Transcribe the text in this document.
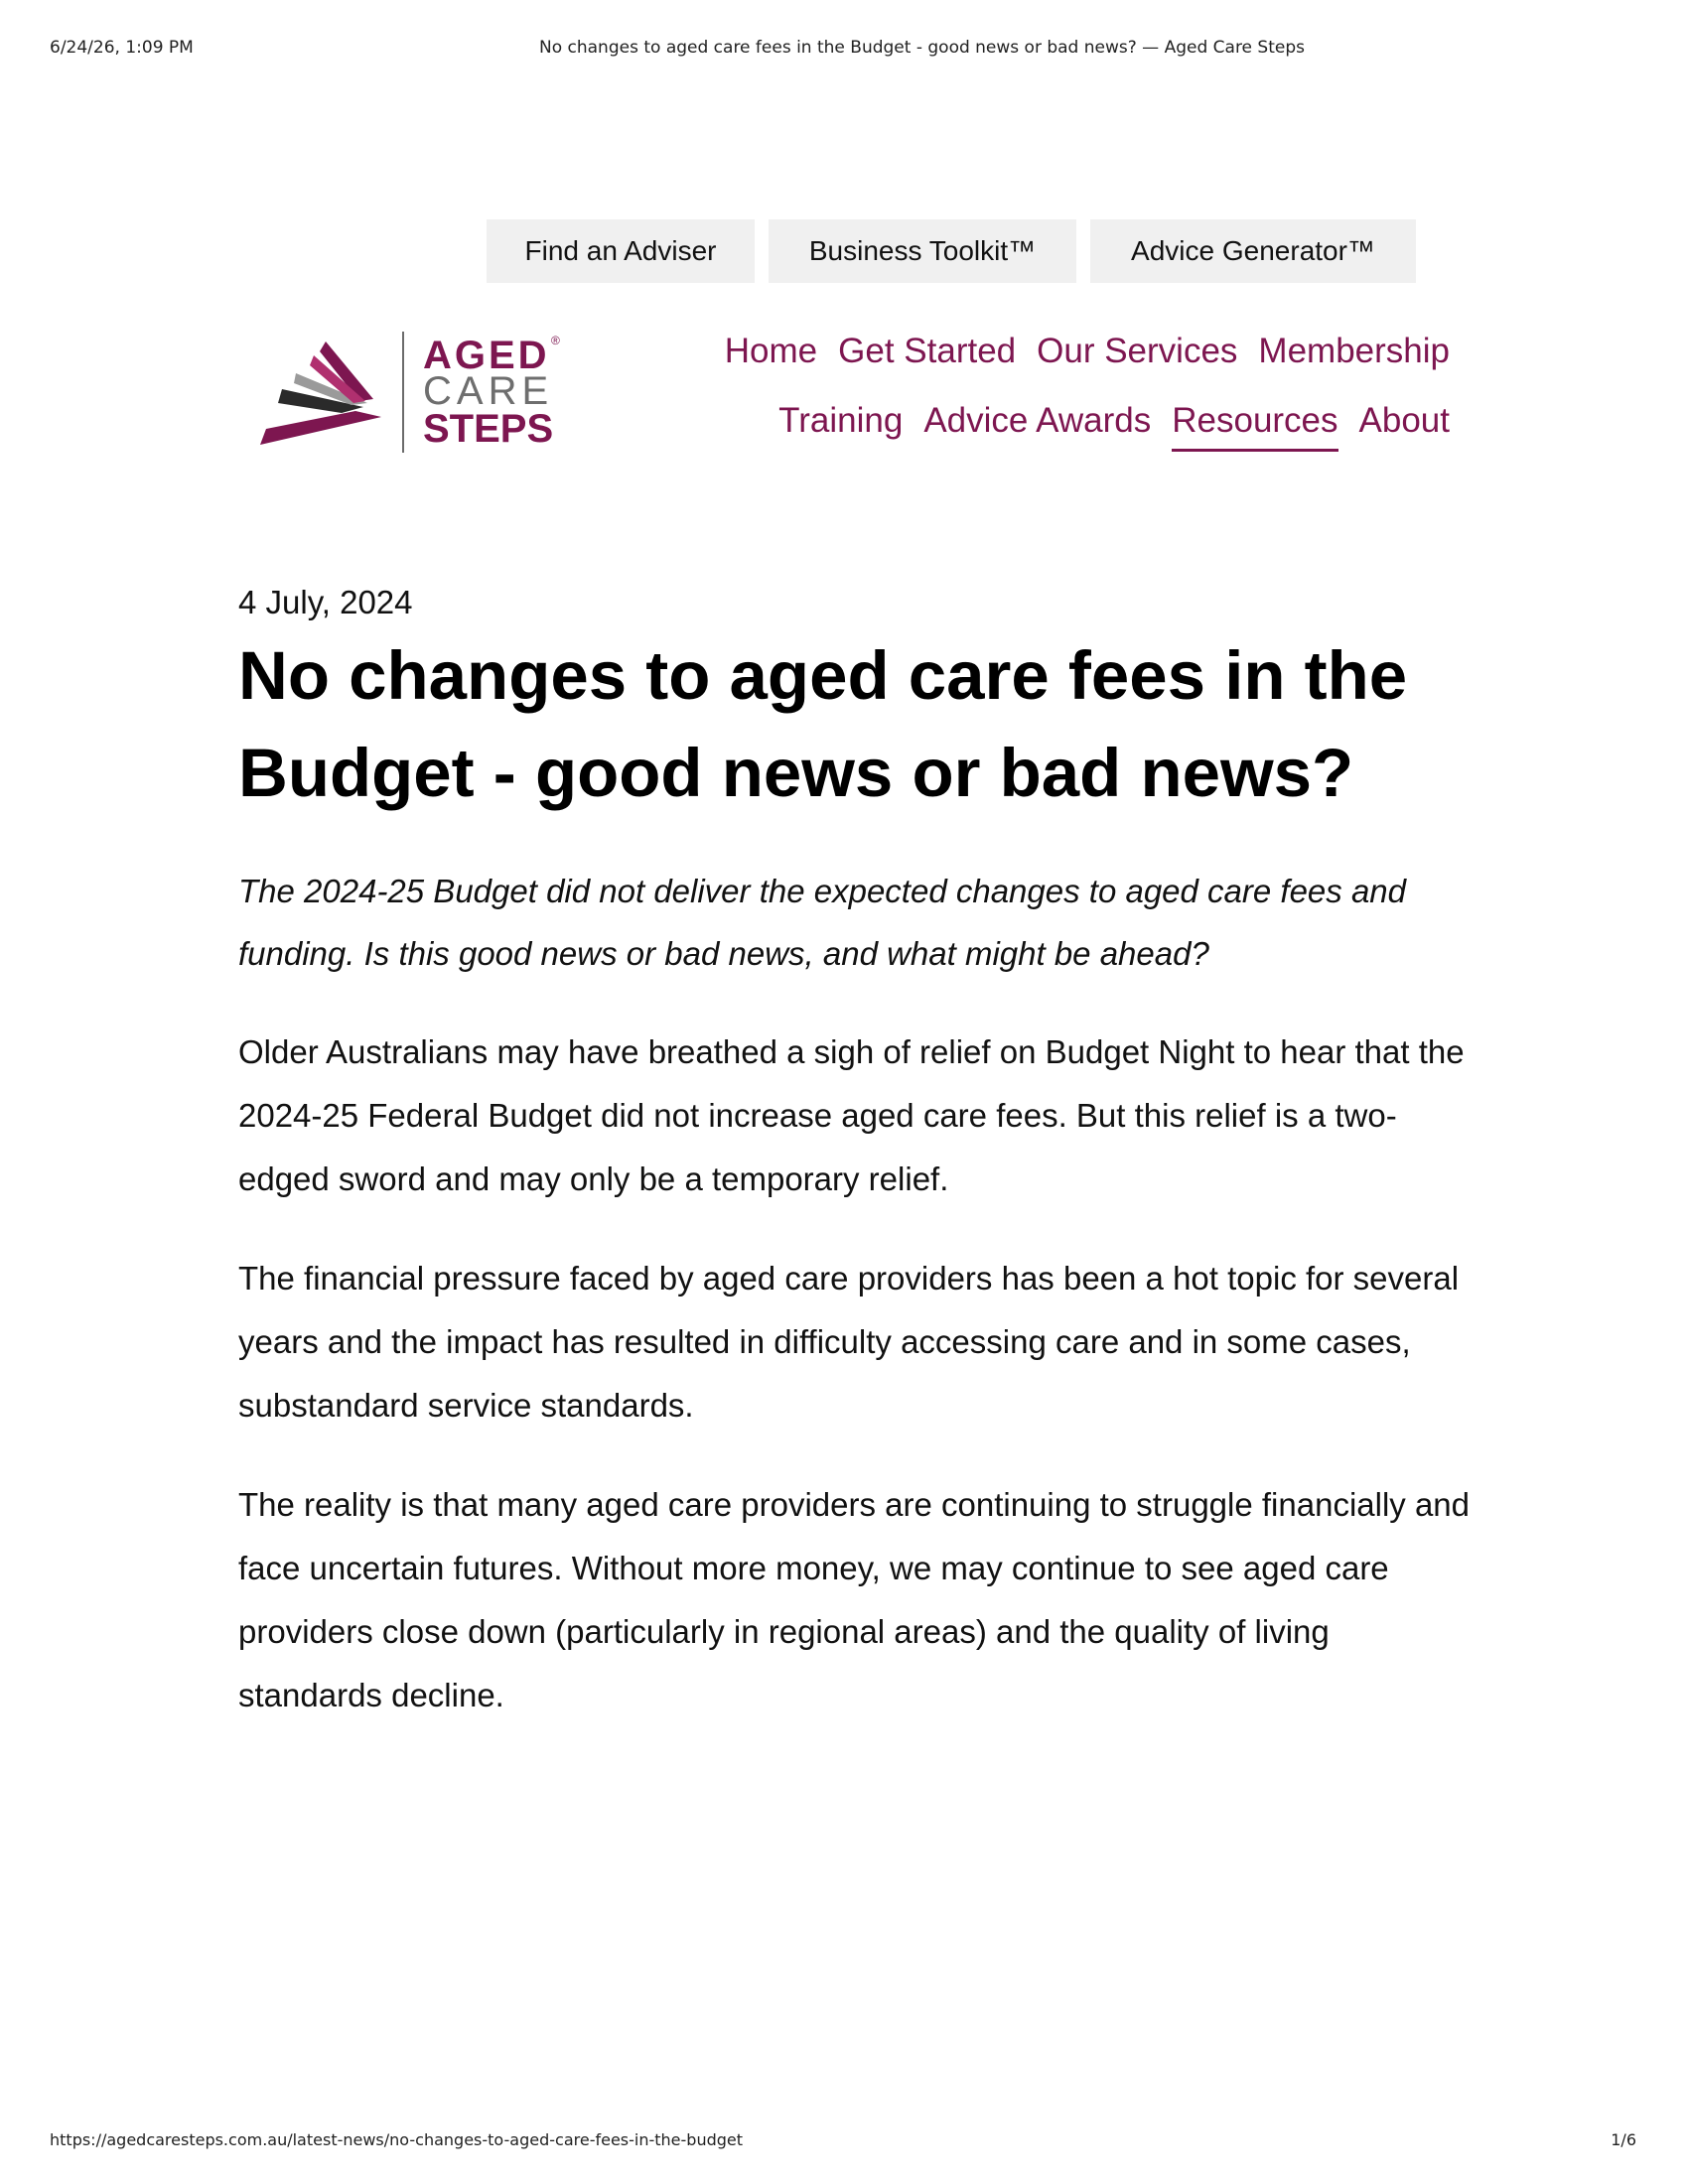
6/24/26, 1:09 PM	No changes to aged care fees in the Budget - good news or bad news? — Aged Care Steps
Find an Adviser	Business Toolkit™	Advice Generator™
AGED ®
CARE
STEPS
Home Get Started Our Services Membership
Training Advice Awards Resources About

4 July, 2024

No changes to aged care fees in the Budget - good news or bad news?

The 2024-25 Budget did not deliver the expected changes to aged care fees and funding. Is this good news or bad news, and what might be ahead?

Older Australians may have breathed a sigh of relief on Budget Night to hear that the 2024-25 Federal Budget did not increase aged care fees. But this relief is a two-edged sword and may only be a temporary relief.

The financial pressure faced by aged care providers has been a hot topic for several years and the impact has resulted in difficulty accessing care and in some cases, substandard service standards.

The reality is that many aged care providers are continuing to struggle financially and face uncertain futures. Without more money, we may continue to see aged care providers close down (particularly in regional areas) and the quality of living standards decline.

https://agedcaresteps.com.au/latest-news/no-changes-to-aged-care-fees-in-the-budget	1/6
